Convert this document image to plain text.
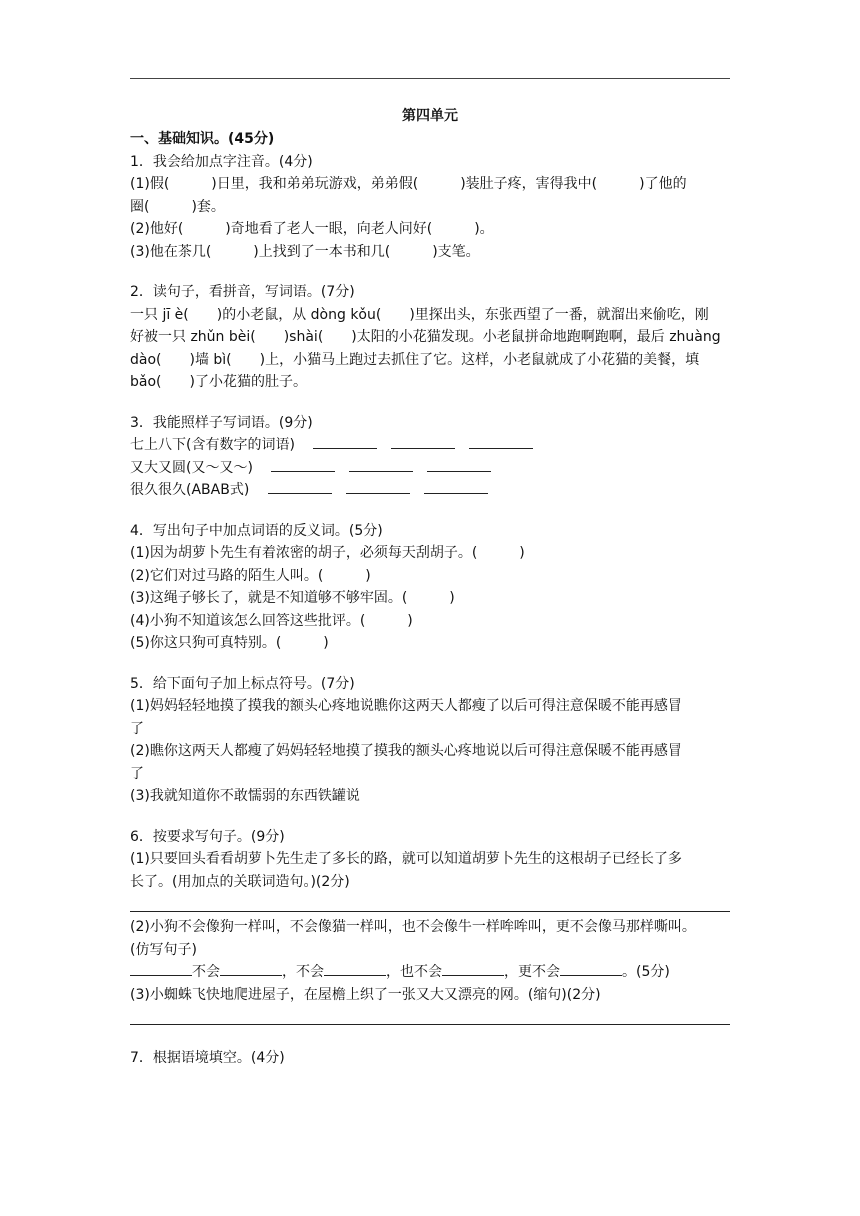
第四单元
一、基础知识。(45分)
1．我会给加点字注音。(4分)
(1)假(　　　)日里，我和弟弟玩游戏，弟弟假(　　　)装肚子疼，害得我中(　　　)了他的
圈(　　　)套。
(2)他好(　　　)奇地看了老人一眼，向老人问好(　　　)。
(3)他在茶几(　　　)上找到了一本书和几(　　　)支笔。
2．读句子，看拼音，写词语。(7分)
一只 jī è(　　)的小老鼠，从 dòng kǒu(　　)里探出头，东张西望了一番，就溜出来偷吃，刚
好被一只 zhǔn bèi(　　)shài(　　)太阳的小花猫发现。小老鼠拼命地跑啊跑啊，最后 zhuàng
dào(　　)墙 bì(　　)上，小猫马上跑过去抓住了它。这样，小老鼠就成了小花猫的美餐，填
bǎo(　　)了小花猫的肚子。
3．我能照样子写词语。(9分)
七上八下(含有数字的词语)
又大又圆(又～又～)
很久很久(ABAB式)
4．写出句子中加点词语的反义词。(5分)
(1)因为胡萝卜先生有着浓密的胡子，必须每天刮胡子。(　　　)
(2)它们对过马路的陌生人叫。(　　　)
(3)这绳子够长了，就是不知道够不够牢固。(　　　)
(4)小狗不知道该怎么回答这些批评。(　　　)
(5)你这只狗可真特别。(　　　)
5．给下面句子加上标点符号。(7分)
(1)妈妈轻轻地摸了摸我的额头心疼地说瞧你这两天人都瘦了以后可得注意保暖不能再感冒
了
(2)瞧你这两天人都瘦了妈妈轻轻地摸了摸我的额头心疼地说以后可得注意保暖不能再感冒
了
(3)我就知道你不敢懦弱的东西铁罐说
6．按要求写句子。(9分)
(1)只要回头看看胡萝卜先生走了多长的路，就可以知道胡萝卜先生的这根胡子已经长了多
长了。(用加点的关联词造句。)(2分)
(2)小狗不会像狗一样叫，不会像猫一样叫，也不会像牛一样哞哞叫，更不会像马那样嘶叫。
(仿写句子)
不会	，不会	，也不会	，更不会	。(5分)
(3)小蜘蛛飞快地爬进屋子，在屋檐上织了一张又大又漂亮的网。(缩句)(2分)
7．根据语境填空。(4分)
